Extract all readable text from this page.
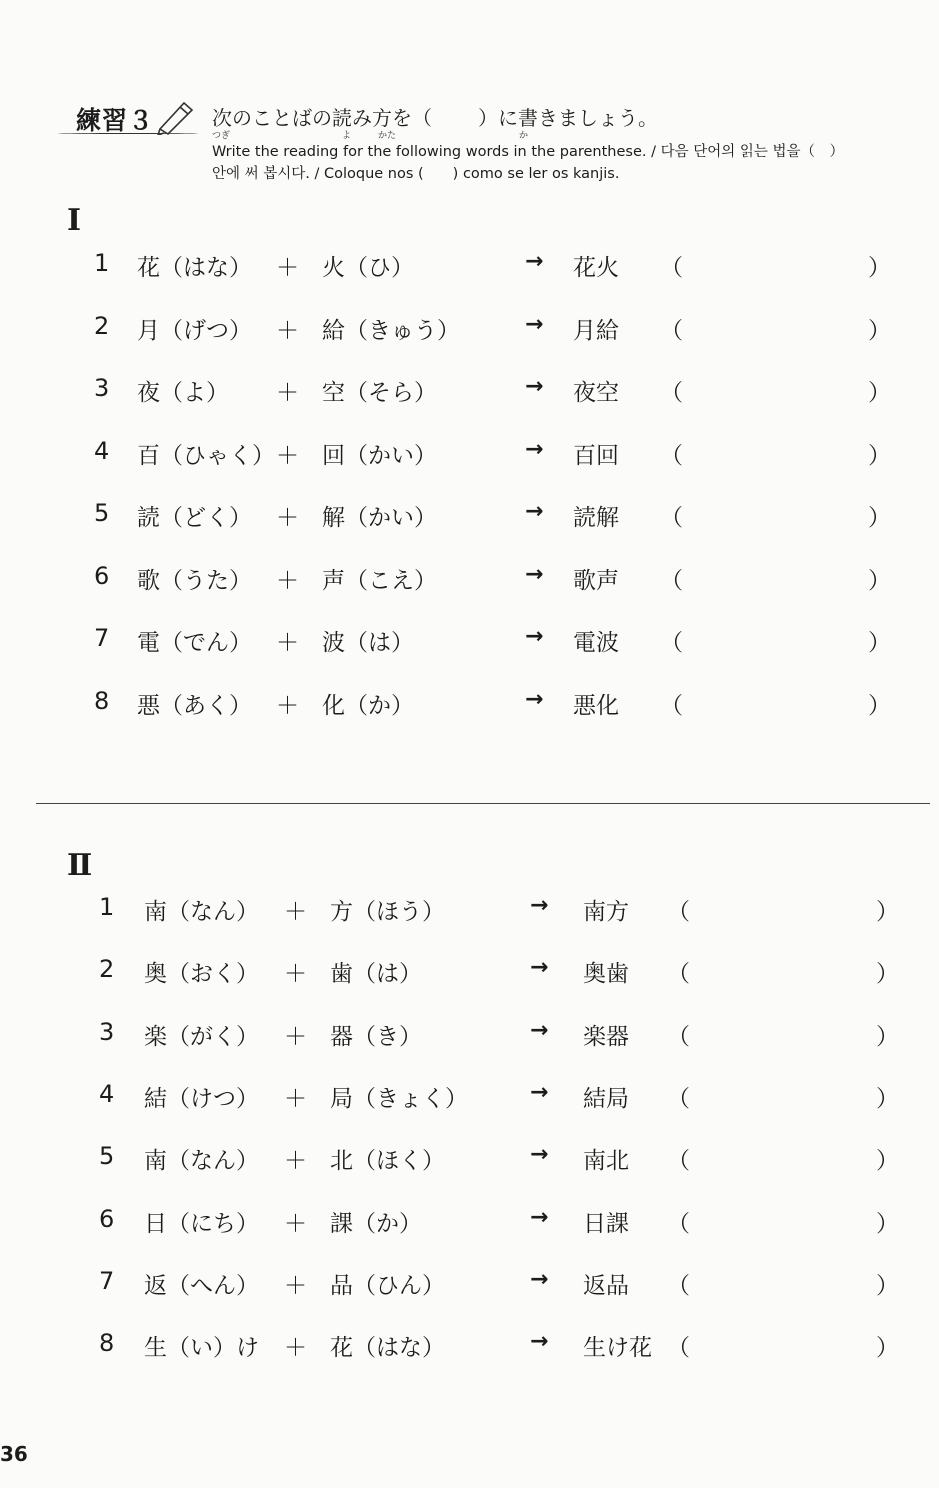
練習３	次のことばの読み方を（ ）に書きましょう。
つぎ	よ	かた	か
Write the reading for the following words in the parenthese. / 다음 단어의 읽는 법을（　）
안에 써 봅시다. / Coloque nos (　　) como se ler os kanjis.
Ⅰ
1 花（はな） ＋ 火（ひ）	→ 花火 （	）
2 月（げつ） ＋ 給（きゅう）	→ 月給 （	）
3 夜（よ） ＋ 空（そら）	→ 夜空 （	）
4 百（ひゃく） ＋ 回（かい）	→ 百回 （	）
5 読（どく） ＋ 解（かい）	→ 読解 （	）
6 歌（うた） ＋ 声（こえ）	→ 歌声 （	）
7 電（でん） ＋ 波（は）	→ 電波 （	）
8 悪（あく） ＋ 化（か）	→ 悪化 （	）
Ⅱ
1 南（なん） ＋ 方（ほう）	→ 南方 （	）
2 奥（おく） ＋ 歯（は）	→ 奥歯 （	）
3 楽（がく） ＋ 器（き）	→ 楽器 （	）
4 結（けつ） ＋ 局（きょく）	→ 結局 （	）
5 南（なん） ＋ 北（ほく）	→ 南北 （	）
6 日（にち） ＋ 課（か）	→ 日課 （	）
7 返（へん） ＋ 品（ひん）	→ 返品 （	）
8 生（い）け ＋ 花（はな）	→ 生け花 （	）
36
